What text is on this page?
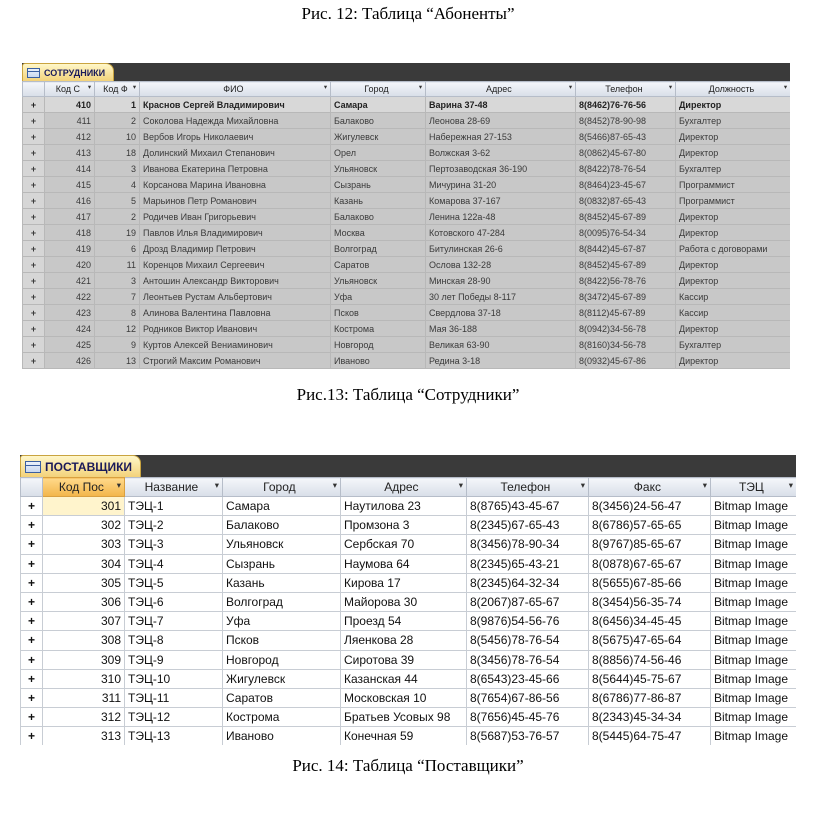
Рис. 12: Таблица “Абоненты”
СОТРУДНИКИ
	Код С ▾	Код Ф ▾	ФИО ▾	Город ▾	Адрес ▾	Телефон ▾	Должность ▾

+	410	1	Краснов Сергей Владимирович	Самара	Варина 37-48	8(8462)76-76-56	Директор
+	411	2	Соколова Надежда Михайловна	Балаково	Леонова 28-69	8(8452)78-90-98	Бухгалтер
+	412	10	Вербов Игорь Николаевич	Жигулевск	Набережная 27-153	8(5466)87-65-43	Директор
+	413	18	Долинский Михаил Степанович	Орел	Волжская 3-62	8(0862)45-67-80	Директор
+	414	3	Иванова Екатерина Петровна	Ульяновск	Пертозаводская 36-190	8(8422)78-76-54	Бухгалтер
+	415	4	Корсанова Марина Ивановна	Сызрань	Мичурина 31-20	8(8464)23-45-67	Программист
+	416	5	Марьинов Петр Романович	Казань	Комарова 37-167	8(0832)87-65-43	Программист
+	417	2	Родичев Иван Григорьевич	Балаково	Ленина 122а-48	8(8452)45-67-89	Директор
+	418	19	Павлов Илья Владимирович	Москва	Котовского 47-284	8(0095)76-54-34	Директор
+	419	6	Дрозд Владимир Петрович	Волгоград	Битулинская 26-6	8(8442)45-67-87	Работа с договорами
+	420	11	Коренцов Михаил Сергеевич	Саратов	Ослова 132-28	8(8452)45-67-89	Директор
+	421	3	Антошин Александр Викторович	Ульяновск	Минская 28-90	8(8422)56-78-76	Директор
+	422	7	Леонтьев Рустам Альбертович	Уфа	30 лет Победы 8-117	8(3472)45-67-89	Кассир
+	423	8	Алинова Валентина Павловна	Псков	Свердлова 37-18	8(8112)45-67-89	Кассир
+	424	12	Родников Виктор Иванович	Кострома	Мая 36-188	8(0942)34-56-78	Директор
+	425	9	Куртов Алексей Вениаминович	Новгород	Великая 63-90	8(8160)34-56-78	Бухгалтер
+	426	13	Строгий Максим Романович	Иваново	Редина 3-18	8(0932)45-67-86	Директор
Рис.13: Таблица “Сотрудники”
ПОСТАВЩИКИ
	Код Пос ▾	Название ▾	Город ▾	Адрес ▾	Телефон ▾	Факс ▾	ТЭЦ ▾

+	301	ТЭЦ-1	Самара	Наутилова 23	8(8765)43-45-67	8(3456)24-56-47	Bitmap Image
+	302	ТЭЦ-2	Балаково	Промзона 3	8(2345)67-65-43	8(6786)57-65-65	Bitmap Image
+	303	ТЭЦ-3	Ульяновск	Сербская 70	8(3456)78-90-34	8(9767)85-65-67	Bitmap Image
+	304	ТЭЦ-4	Сызрань	Наумова 64	8(2345)65-43-21	8(0878)67-65-67	Bitmap Image
+	305	ТЭЦ-5	Казань	Кирова 17	8(2345)64-32-34	8(5655)67-85-66	Bitmap Image
+	306	ТЭЦ-6	Волгоград	Майорова 30	8(2067)87-65-67	8(3454)56-35-74	Bitmap Image
+	307	ТЭЦ-7	Уфа	Проезд 54	8(9876)54-56-76	8(6456)34-45-45	Bitmap Image
+	308	ТЭЦ-8	Псков	Ляенкова 28	8(5456)78-76-54	8(5675)47-65-64	Bitmap Image
+	309	ТЭЦ-9	Новгород	Сиротова 39	8(3456)78-76-54	8(8856)74-56-46	Bitmap Image
+	310	ТЭЦ-10	Жигулевск	Казанская 44	8(6543)23-45-66	8(5644)45-75-67	Bitmap Image
+	311	ТЭЦ-11	Саратов	Московская 10	8(7654)67-86-56	8(6786)77-86-87	Bitmap Image
+	312	ТЭЦ-12	Кострома	Братьев Усовых 98	8(7656)45-45-76	8(2343)45-34-34	Bitmap Image
+	313	ТЭЦ-13	Иваново	Конечная 59	8(5687)53-76-57	8(5445)64-75-47	Bitmap Image
Рис. 14: Таблица “Поставщики”
